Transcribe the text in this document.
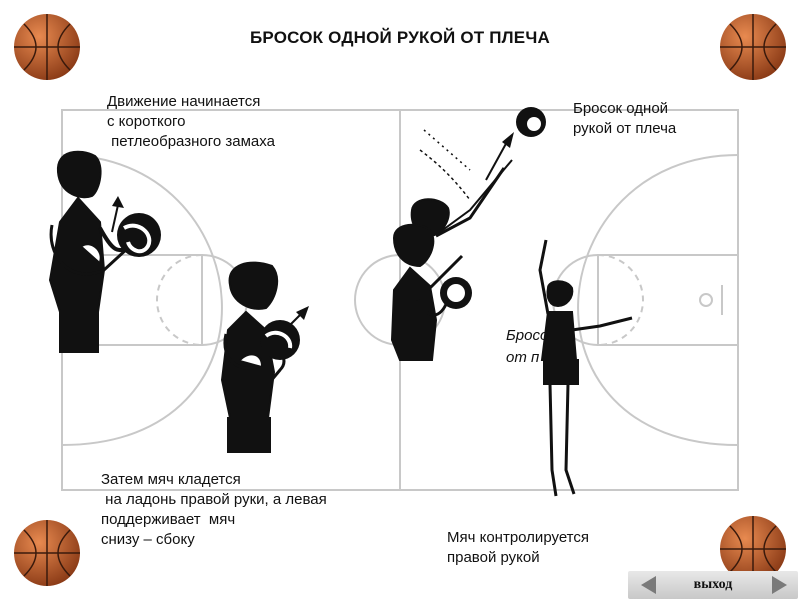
БРОСОК ОДНОЙ РУКОЙ ОТ ПЛЕЧА
Бросо
от п
Движение начинается
с короткого
петлеобразного замаха
Бросок одной
рукой от плеча
Затем мяч кладется
на ладонь правой руки, а левая
поддерживает  мяч
снизу – сбоку	Мяч контролируется
правой рукой
выход
